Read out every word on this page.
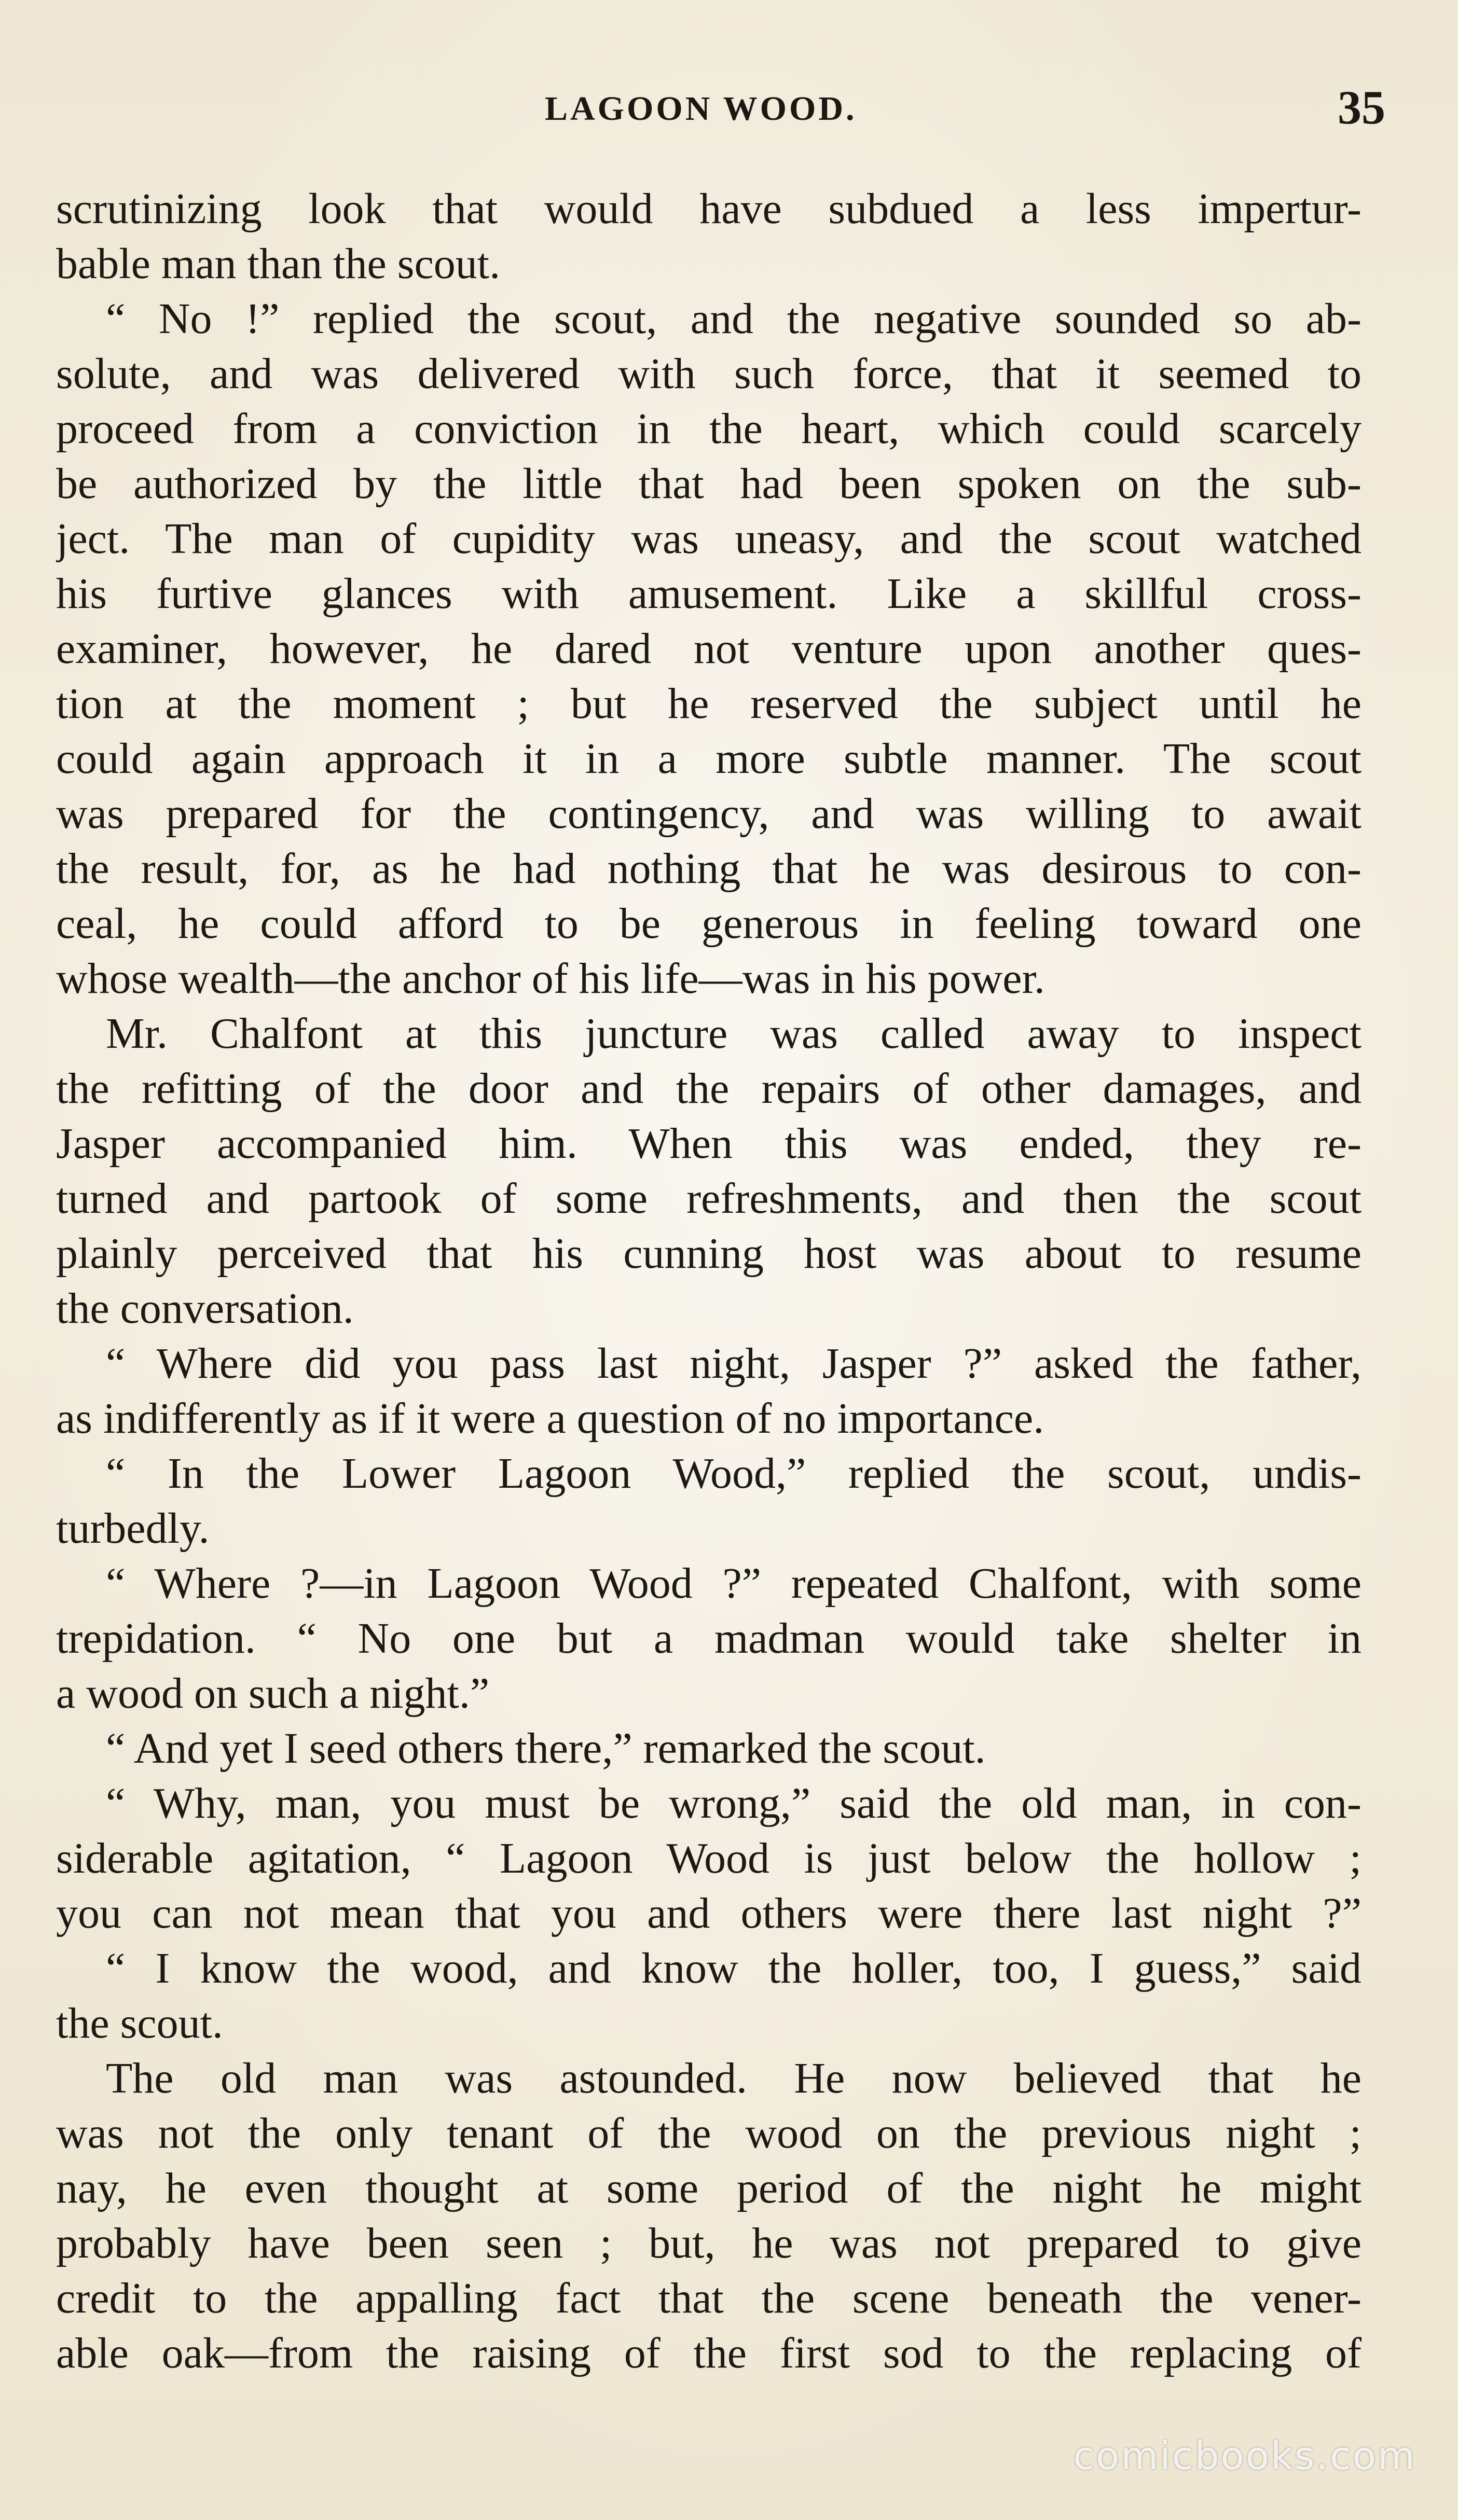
LAGOON WOOD.	35
scrutinizing look that would have subdued a less impertur-
bable man than the scout.
“ No !” replied the scout, and the negative sounded so ab-
solute, and was delivered with such force, that it seemed to
proceed from a conviction in the heart, which could scarcely
be authorized by the little that had been spoken on the sub-
ject. The man of cupidity was uneasy, and the scout watched
his furtive glances with amusement. Like a skillful cross-
examiner, however, he dared not venture upon another ques-
tion at the moment ; but he reserved the subject until he
could again approach it in a more subtle manner. The scout
was prepared for the contingency, and was willing to await
the result, for, as he had nothing that he was desirous to con-
ceal, he could afford to be generous in feeling toward one
whose wealth—the anchor of his life—was in his power.
Mr. Chalfont at this juncture was called away to inspect
the refitting of the door and the repairs of other damages, and
Jasper accompanied him. When this was ended, they re-
turned and partook of some refreshments, and then the scout
plainly perceived that his cunning host was about to resume
the conversation.
“ Where did you pass last night, Jasper ?” asked the father,
as indifferently as if it were a question of no importance.
“ In the Lower Lagoon Wood,” replied the scout, undis-
turbedly.
“ Where ?—in Lagoon Wood ?” repeated Chalfont, with some
trepidation. “ No one but a madman would take shelter in
a wood on such a night.”
“ And yet I seed others there,” remarked the scout.
“ Why, man, you must be wrong,” said the old man, in con-
siderable agitation, “ Lagoon Wood is just below the hollow ;
you can not mean that you and others were there last night ?”
“ I know the wood, and know the holler, too, I guess,” said
the scout.
The old man was astounded. He now believed that he
was not the only tenant of the wood on the previous night ;
nay, he even thought at some period of the night he might
probably have been seen ; but, he was not prepared to give
credit to the appalling fact that the scene beneath the vener-
able oak—from the raising of the first sod to the replacing of
comicbooks.com
